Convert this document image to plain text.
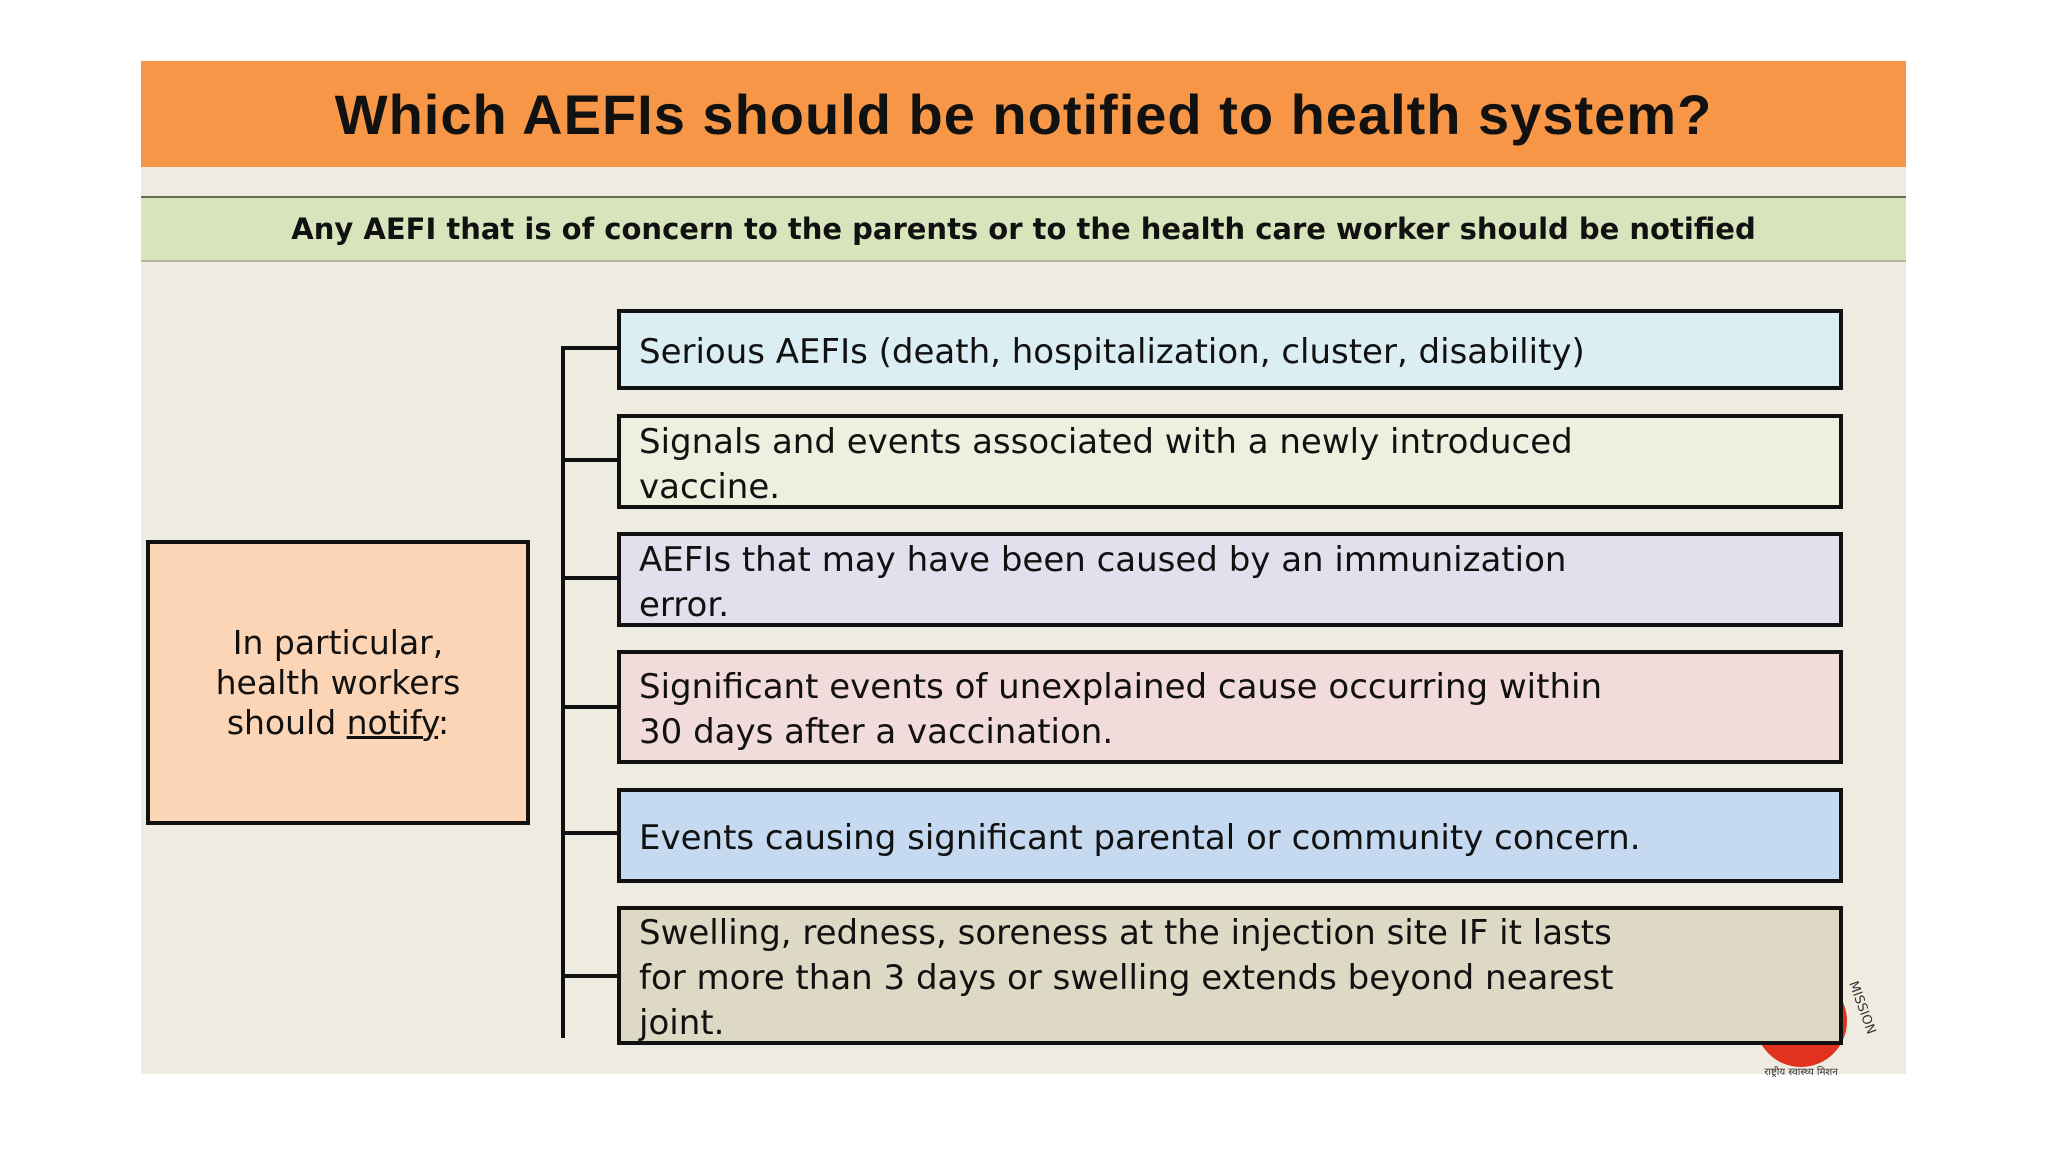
Which AEFIs should be notified to health system?
Any AEFI that is of concern to the parents or to the health care worker should be notified
In particular,
health workers
should notify:
Serious AEFIs (death, hospitalization, cluster, disability)
Signals and events associated with a newly introduced
vaccine.
AEFIs that may have been caused by an immunization
error.
Significant events of unexplained cause occurring within
30 days after a vaccination.
Events causing significant parental or community concern.
MISSION
राष्ट्रीय स्वास्थ्य मिशन
Swelling, redness, soreness at the injection site IF it lasts
for more than 3 days or swelling extends beyond nearest
joint.
